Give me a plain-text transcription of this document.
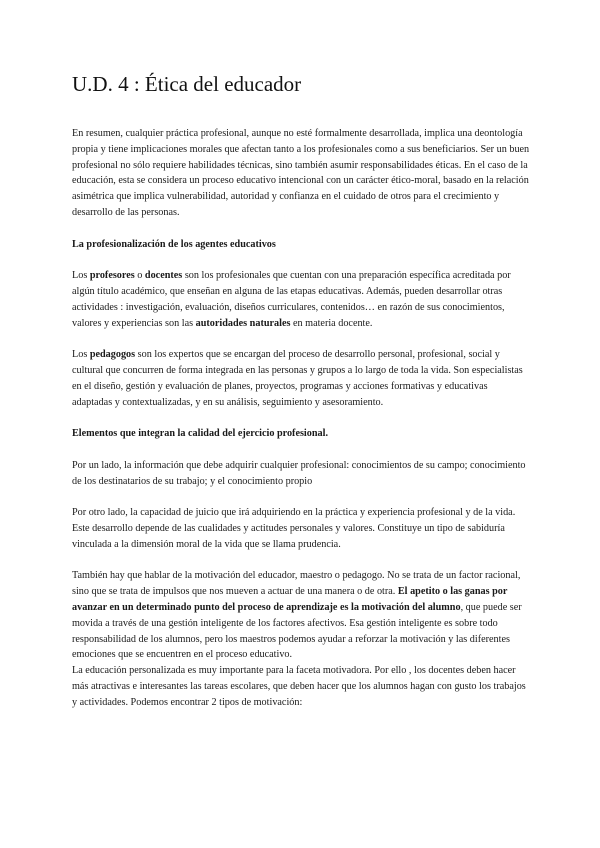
U.D. 4 : Ética del educador

En resumen, cualquier práctica profesional, aunque no esté formalmente desarrollada, implica una deontología propia y tiene implicaciones morales que afectan tanto a los profesionales como a sus beneficiarios. Ser un buen profesional no sólo requiere habilidades técnicas, sino también asumir responsabilidades éticas. En el caso de la educación, esta se considera un proceso educativo intencional con un carácter ético-moral, basado en la relación asimétrica que implica vulnerabilidad, autoridad y confianza en el cuidado de otros para el crecimiento y desarrollo de las personas.

La profesionalización de los agentes educativos

Los profesores o docentes son los profesionales que cuentan con una preparación específica acreditada por algún título académico, que enseñan en alguna de las etapas educativas. Además, pueden desarrollar otras actividades : investigación, evaluación, diseños curriculares, contenidos… en razón de sus conocimientos, valores y experiencias son las autoridades naturales en materia docente.

Los pedagogos son los expertos que se encargan del proceso de desarrollo personal, profesional, social y cultural que concurren de forma integrada en las personas y grupos a lo largo de toda la vida. Son especialistas en el diseño, gestión y evaluación de planes, proyectos, programas y acciones formativas y educativas adaptadas y contextualizadas, y en su análisis, seguimiento y asesoramiento.

Elementos que integran la calidad del ejercicio profesional.

Por un lado, la información que debe adquirir cualquier profesional: conocimientos de su campo; conocimiento de los destinatarios de su trabajo; y el conocimiento propio

Por otro lado, la capacidad de juicio que irá adquiriendo en la práctica y experiencia profesional y de la vida. Este desarrollo depende de las cualidades y actitudes personales y valores. Constituye un tipo de sabiduría vinculada a la dimensión moral de la vida que se llama prudencia.

También hay que hablar de la motivación del educador, maestro o pedagogo. No se trata de un factor racional, sino que se trata de impulsos que nos mueven a actuar de una manera o de otra. El apetito o las ganas por avanzar en un determinado punto del proceso de aprendizaje es la motivación del alumno, que puede ser movida a través de una gestión inteligente de los factores afectivos. Esa gestión inteligente es sobre todo responsabilidad de los alumnos, pero los maestros podemos ayudar a reforzar la motivación y las diferentes emociones que se encuentren en el proceso educativo.

La educación personalizada es muy importante para la faceta motivadora. Por ello , los docentes deben hacer más atractivas e interesantes las tareas escolares, que deben hacer que los alumnos hagan con gusto los trabajos y actividades. Podemos encontrar 2 tipos de motivación:
